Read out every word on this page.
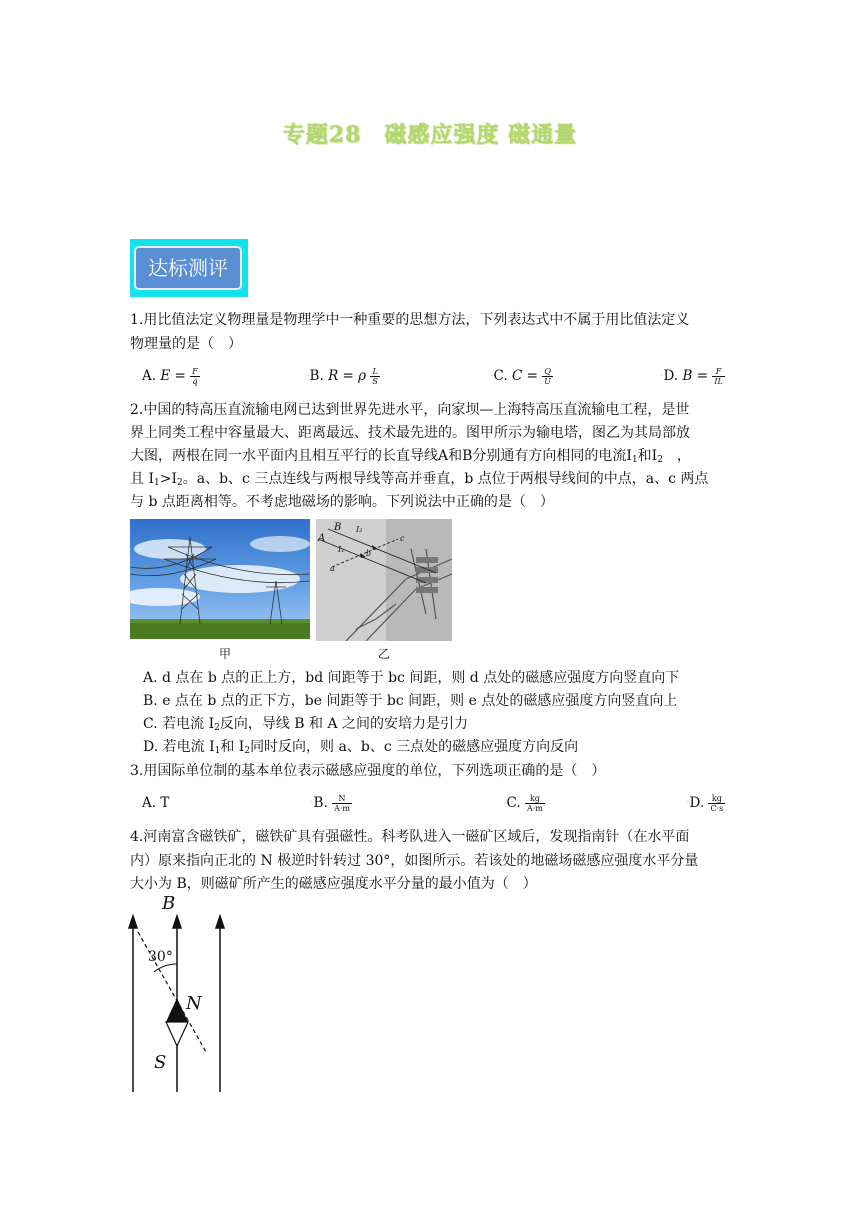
专题28　磁感应强度 磁通量
达标测评
1.用比值法定义物理量是物理学中一种重要的思想方法，下列表达式中不属于用比值法定义
物理量的是（　）
A. $E = \frac{F}{q}$	◦B. R = ρ $\frac{L}{S}$	◦C. $C = \frac{Q}{U}$	◦D. $B = \frac{F}{IL}$
2.中国的特高压直流输电网已达到世界先进水平，向家坝—上海特高压直流输电工程，是世
界上同类工程中容量最大、距离最远、技术最先进的。图甲所示为输电塔，图乙为其局部放
大图，两根在同一水平面内且相互平行的长直导线A和B分别通有方向相同的电流$I_1$和$I_2$　，
且 $I_1>I_2$。a、b、c 三点连线与两根导线等高并垂直，b 点位于两根导线间的中点，a、c 两点
与 b 点距离相等。不考虑地磁场的影响。下列说法中正确的是（　）
甲
B
A
I₂
I₁
c
b
a
乙
A. d 点在 b 点的正上方，bd 间距等于 bc 间距，则 d 点处的磁感应强度方向竖直向下
B. e 点在 b 点的正下方，be 间距等于 bc 间距，则 e 点处的磁感应强度方向竖直向上
C. 若电流 $I_2$反向，导线 B 和 A 之间的安培力是引力
D. 若电流 $I_1$和 $I_2$同时反向，则 a、b、c 三点处的磁感应强度方向反向
3.用国际单位制的基本单位表示磁感应强度的单位，下列选项正确的是（　）
A. T	◦B. $\frac{N}{A\cdot m}$	◦C. $\frac{kg}{A\cdot m}$	◦D. $\frac{kg}{C\cdot s}$
4.河南富含磁铁矿，磁铁矿具有强磁性。科考队进入一磁矿区域后，发现指南针（在水平面
内）原来指向正北的 N 极逆时针转过 30°，如图所示。若该处的地磁场磁感应强度水平分量
大小为 B，则磁矿所产生的磁感应强度水平分量的最小值为（　）
B
N
S
30°
